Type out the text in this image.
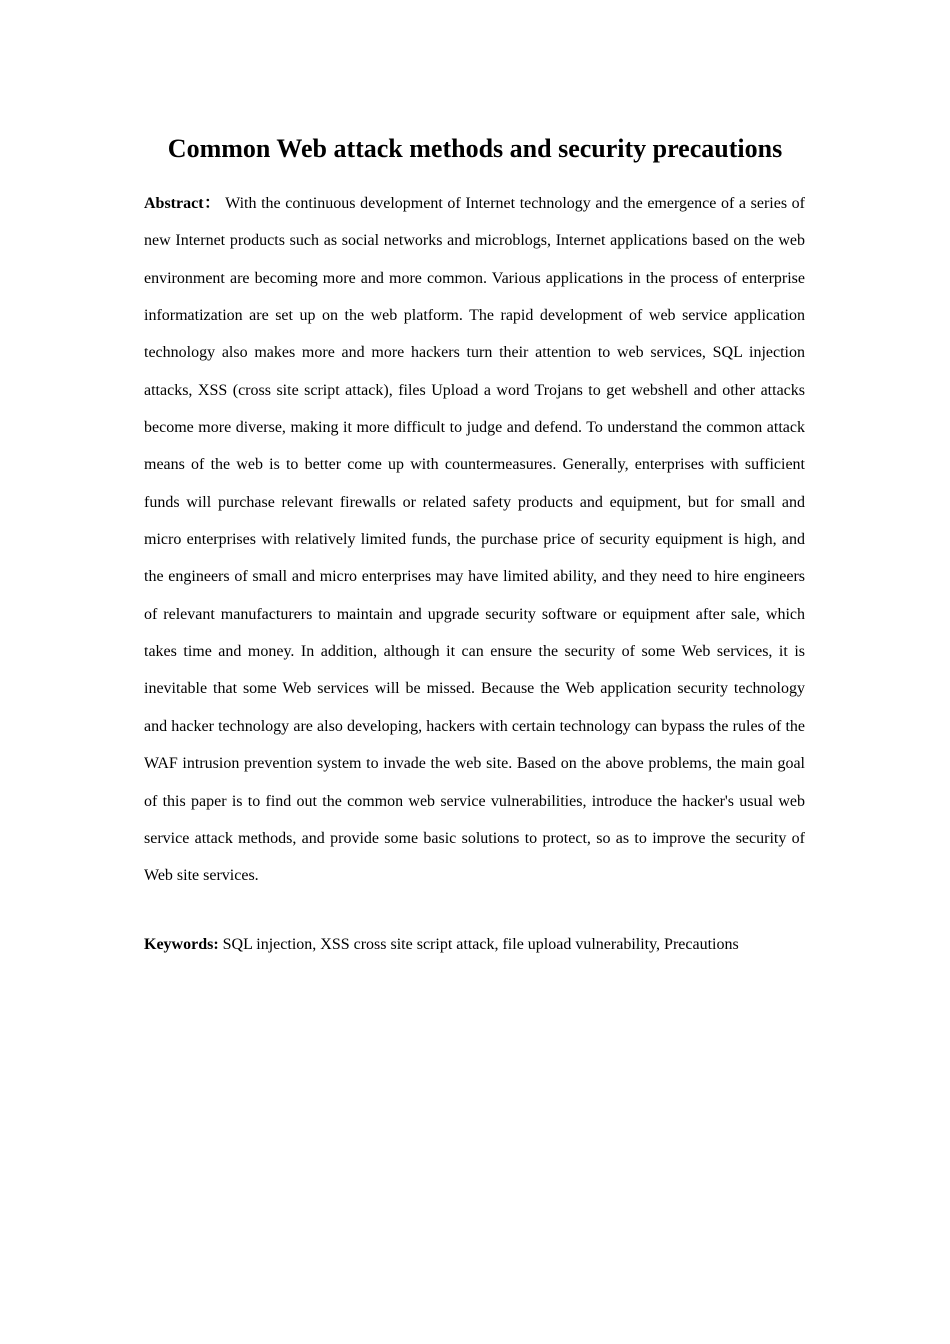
Common Web attack methods and security precautions

Abstract： With the continuous development of Internet technology and the emergence of a series of new Internet products such as social networks and microblogs, Internet applications based on the web environment are becoming more and more common. Various applications in the process of enterprise informatization are set up on the web platform. The rapid development of web service application technology also makes more and more hackers turn their attention to web services, SQL injection attacks, XSS (cross site script attack), files Upload a word Trojans to get webshell and other attacks become more diverse, making it more difficult to judge and defend. To understand the common attack means of the web is to better come up with countermeasures. Generally, enterprises with sufficient funds will purchase relevant firewalls or related safety products and equipment, but for small and micro enterprises with relatively limited funds, the purchase price of security equipment is high, and the engineers of small and micro enterprises may have limited ability, and they need to hire engineers of relevant manufacturers to maintain and upgrade security software or equipment after sale, which takes time and money. In addition, although it can ensure the security of some Web services, it is inevitable that some Web services will be missed. Because the Web application security technology and hacker technology are also developing, hackers with certain technology can bypass the rules of the WAF intrusion prevention system to invade the web site. Based on the above problems, the main goal of this paper is to find out the common web service vulnerabilities, introduce the hacker's usual web service attack methods, and provide some basic solutions to protect, so as to improve the security of Web site services.

Keywords: SQL injection, XSS cross site script attack, file upload vulnerability, Precautions
